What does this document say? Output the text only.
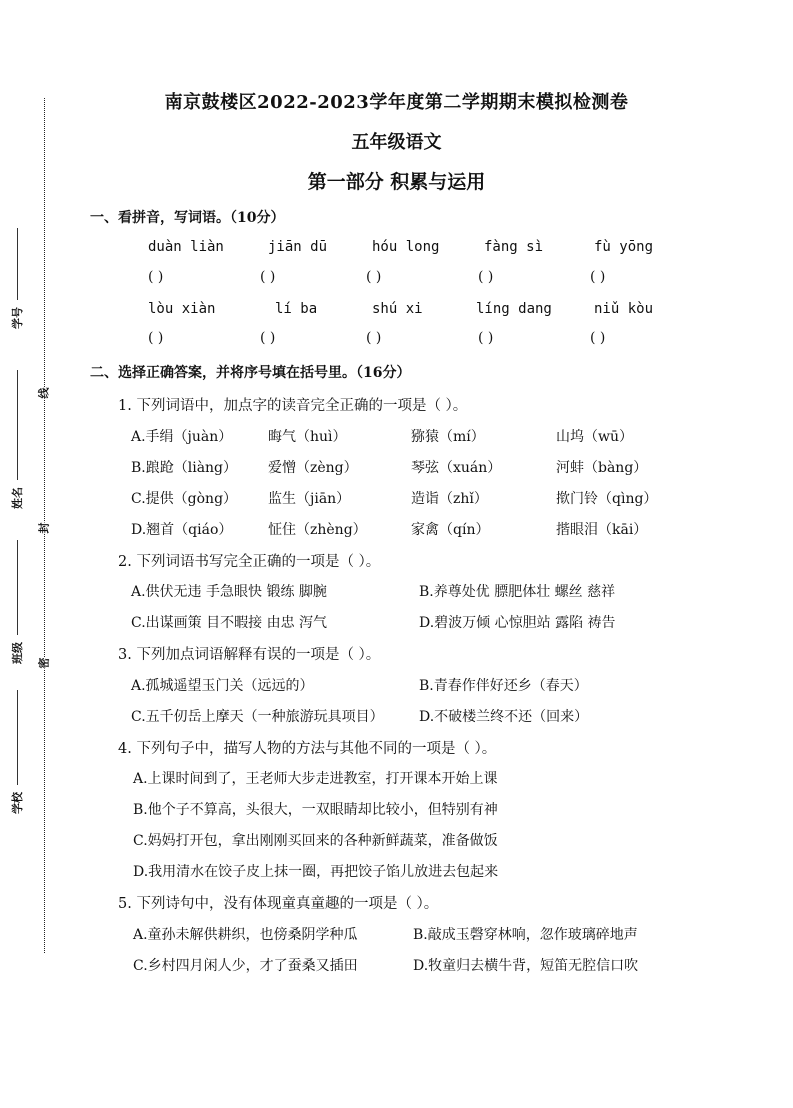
学号
姓名
班级
学校
线
封
密
南京鼓楼区2022-2023学年度第二学期期末模拟检测卷
五年级语文
第一部分 积累与运用
一、看拼音，写词语。（10分）
duàn liàn	jiān dū	hóu long	fàng sì	fù yōng
( )	( )	( )	( )	( )
lòu xiàn	lí ba	shú xi	líng dang	niǔ kòu
( )	( )	( )	( )	( )
二、选择正确答案，并将序号填在括号里。（16分）
1. 下列词语中，加点字的读音完全正确的一项是（ ）。
A.手绢（juàn）	晦气（huì）	猕猿（mí）	山坞（wū）
B.踉跄（liàng） 爱憎（zèng）	琴弦（xuán）	河蚌（bàng）
C.提供（gòng） 监生（jiān）	造诣（zhǐ）	揿门铃（qìng）
D.翘首（qiáo）	怔住（zhèng）	家禽（qín）	揩眼泪（kāi）
2. 下列词语书写完全正确的一项是（ ）。
A.供伏无违 手急眼快 锻练 脚腕	B.养尊处优 膘肥体壮 螺丝 慈祥
C.出谋画策 目不暇接 由忠 泻气	D.碧波万倾 心惊胆站 露陷 祷告
3. 下列加点词语解释有误的一项是（ ）。
A.孤城遥望玉门关（远远的）	B.青春作伴好还乡（春天）
C.五千仞岳上摩天（一种旅游玩具项目）	D.不破楼兰终不还（回来）
4. 下列句子中，描写人物的方法与其他不同的一项是（ ）。
A.上课时间到了，王老师大步走进教室，打开课本开始上课
B.他个子不算高，头很大，一双眼睛却比较小，但特别有神
C.妈妈打开包，拿出刚刚买回来的各种新鲜蔬菜，准备做饭
D.我用清水在饺子皮上抹一圈，再把饺子馅儿放进去包起来
5. 下列诗句中，没有体现童真童趣的一项是（ ）。
A.童孙未解供耕织，也傍桑阴学种瓜	B.敲成玉磬穿林响，忽作玻璃碎地声
C.乡村四月闲人少，才了蚕桑又插田	D.牧童归去横牛背，短笛无腔信口吹
